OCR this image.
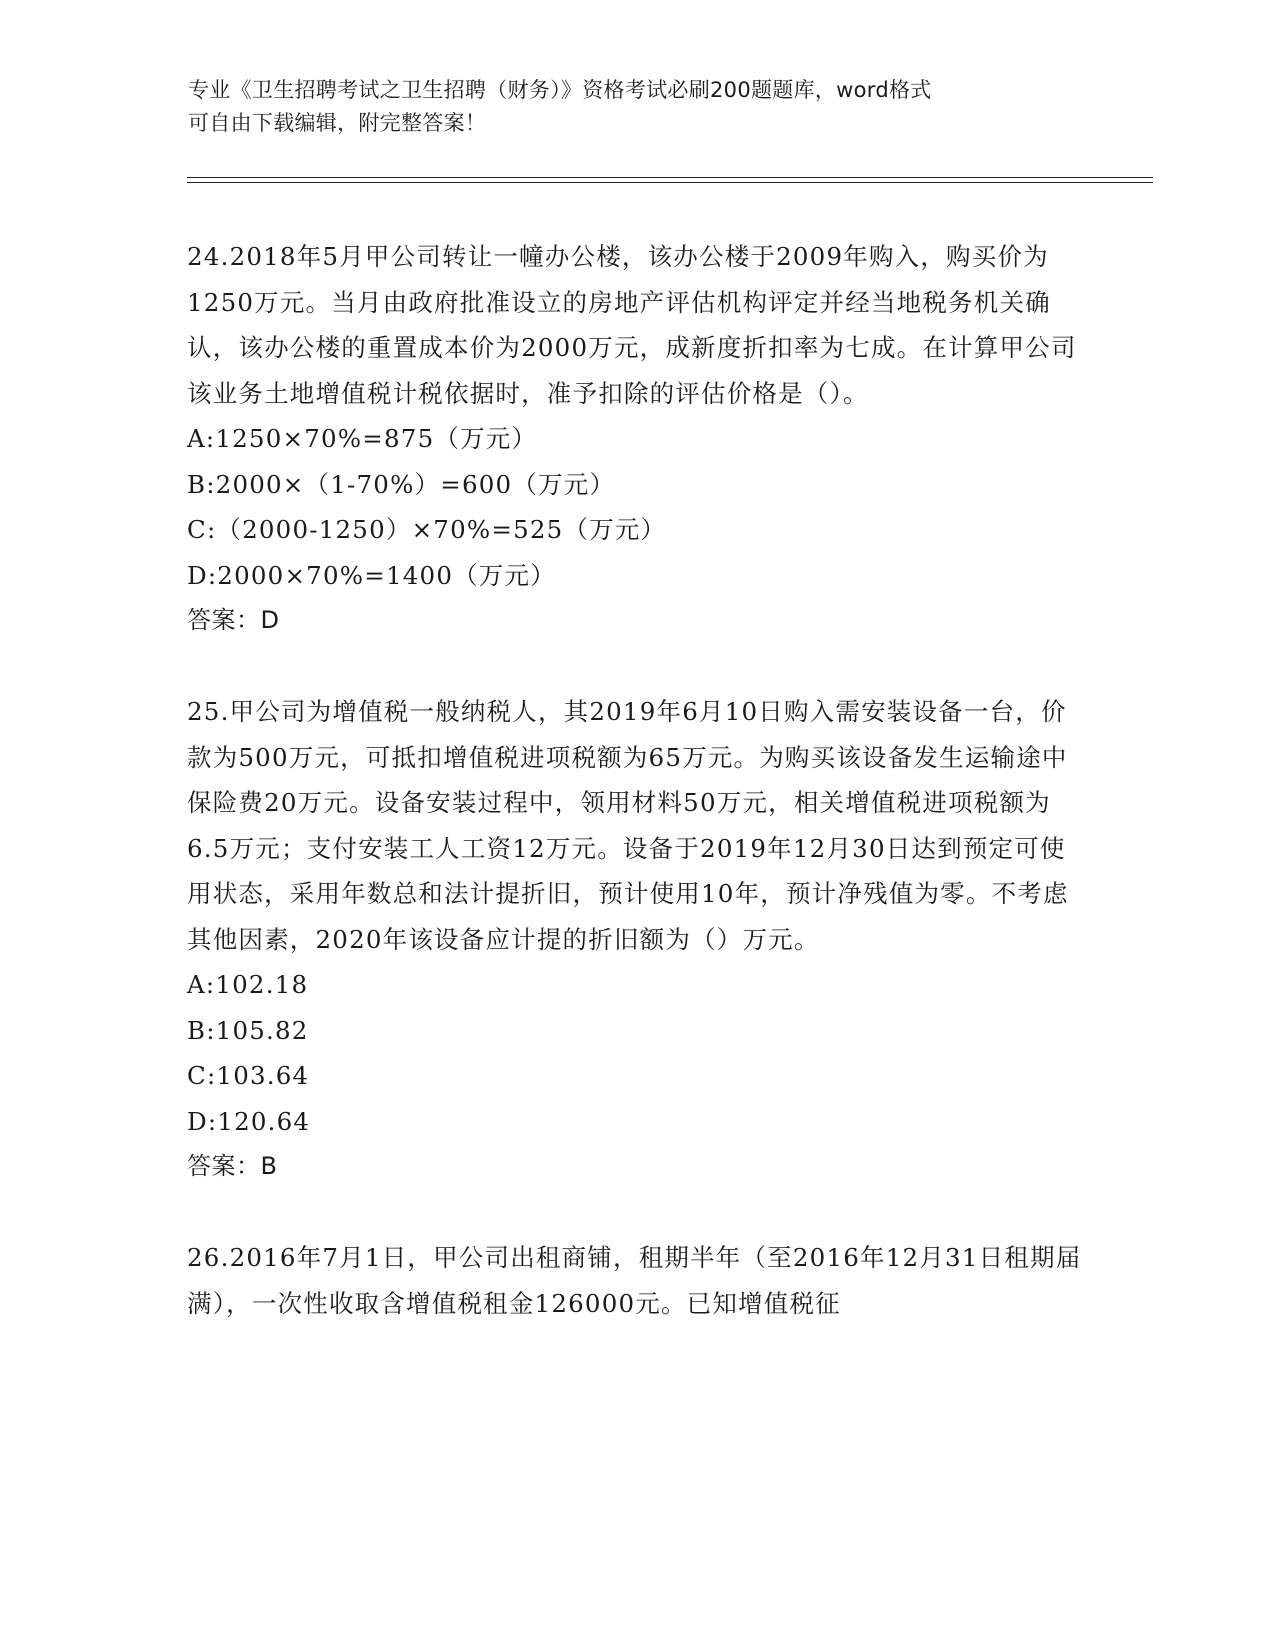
专业《卫生招聘考试之卫生招聘（财务）》资格考试必刷200题题库，word格式
可自由下载编辑，附完整答案！

24.2018年5月甲公司转让一幢办公楼，该办公楼于2009年购入，购买价为1250万元。当月由政府批准设立的房地产评估机构评定并经当地税务机关确认，该办公楼的重置成本价为2000万元，成新度折扣率为七成。在计算甲公司该业务土地增值税计税依据时，准予扣除的评估价格是（）。

A:1250×70%=875（万元）

B:2000×（1-70%）=600（万元）

C:（2000-1250）×70%=525（万元）

D:2000×70%=1400（万元）

答案：D

25.甲公司为增值税一般纳税人，其2019年6月10日购入需安装设备一台，价款为500万元，可抵扣增值税进项税额为65万元。为购买该设备发生运输途中保险费20万元。设备安装过程中，领用材料50万元，相关增值税进项税额为6.5万元；支付安装工人工资12万元。设备于2019年12月30日达到预定可使用状态，采用年数总和法计提折旧，预计使用10年，预计净残值为零。不考虑其他因素，2020年该设备应计提的折旧额为（）万元。

A:102.18

B:105.82

C:103.64

D:120.64

答案：B

26.2016年7月1日，甲公司出租商铺，租期半年（至2016年12月31日租期届满），一次性收取含增值税租金126000元。已知增值税征
